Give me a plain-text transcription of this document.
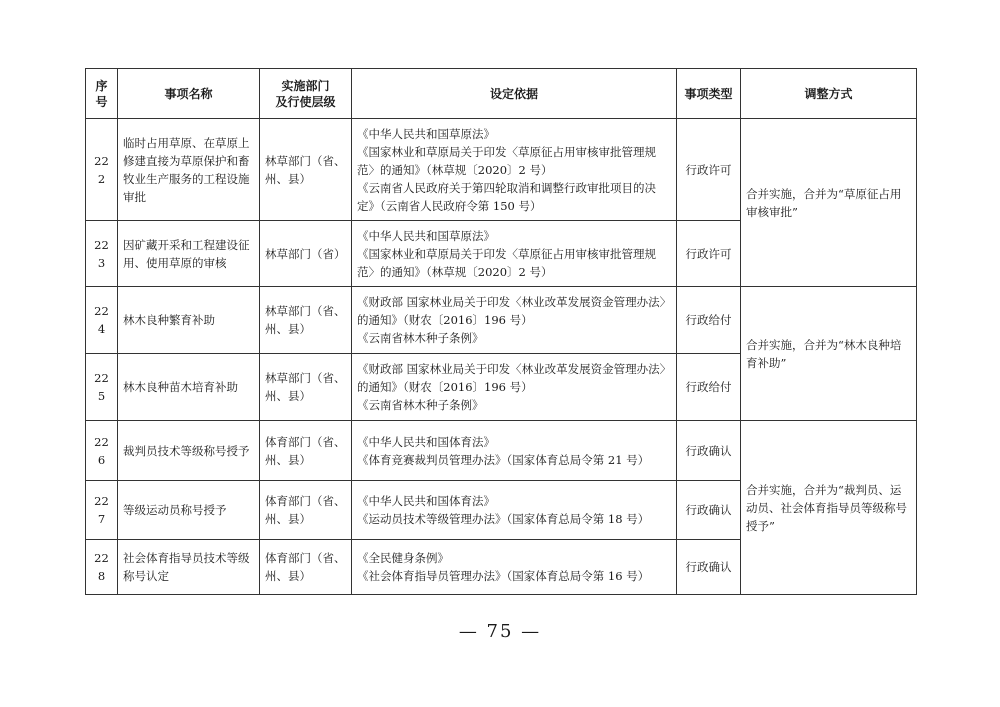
序号	事项名称	实施部门
及行使层级	设定依据	事项类型	调整方式
222	临时占用草原、在草原上修建直接为草原保护和畜牧业生产服务的工程设施审批	林草部门（省、州、县）	《中华人民共和国草原法》
《国家林业和草原局关于印发〈草原征占用审核审批管理规范〉的通知》（林草规〔2020〕2 号）
《云南省人民政府关于第四轮取消和调整行政审批项目的决定》（云南省人民政府令第 150 号）	行政许可	合并实施，合并为“草原征占用审核审批”
223	因矿藏开采和工程建设征用、使用草原的审核	林草部门（省）	《中华人民共和国草原法》
《国家林业和草原局关于印发〈草原征占用审核审批管理规范〉的通知》（林草规〔2020〕2 号）	行政许可	
224	林木良种繁育补助	林草部门（省、州、县）	《财政部 国家林业局关于印发〈林业改革发展资金管理办法〉的通知》（财农〔2016〕196 号）
《云南省林木种子条例》	行政给付	合并实施，合并为“林木良种培育补助”
225	林木良种苗木培育补助	林草部门（省、州、县）	《财政部 国家林业局关于印发〈林业改革发展资金管理办法〉的通知》（财农〔2016〕196 号）
《云南省林木种子条例》	行政给付	
226	裁判员技术等级称号授予	体育部门（省、州、县）	《中华人民共和国体育法》
《体育竞赛裁判员管理办法》（国家体育总局令第 21 号）	行政确认	合并实施，合并为“裁判员、运动员、社会体育指导员等级称号授予”
227	等级运动员称号授予	体育部门（省、州、县）	《中华人民共和国体育法》
《运动员技术等级管理办法》（国家体育总局令第 18 号）	行政确认	
228	社会体育指导员技术等级称号认定	体育部门（省、州、县）	《全民健身条例》
《社会体育指导员管理办法》（国家体育总局令第 16 号）	行政确认	
— 75 —
